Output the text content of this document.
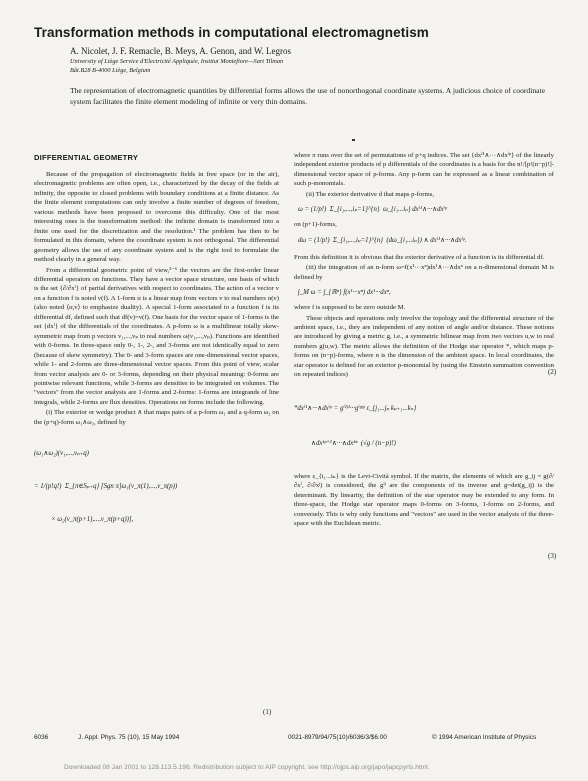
Transformation methods in computational electromagnetism
A. Nicolet, J. F. Remacle, B. Meys, A. Genon, and W. Legros
University of Liège Service d'Electricité Appliquée, Institut Montefiore—Sart Tilman
Bât.B28 B-4000 Liège, Belgium
The representation of electromagnetic quantities by differential forms allows the use of nonorthogonal coordinate systems. A judicious choice of coordinate system facilitates the finite element modeling of infinite or very thin domains.
DIFFERENTIAL GEOMETRY

Because of the propagation of electromagnetic fields in free space (or in the air), electromagnetic problems are often open, i.e., characterized by the decay of the fields at infinity, the opposite to closed problems with boundary conditions at a finite distance. As the finite element computations can only involve a finite number of degrees of freedom, various methods have been proposed to overcome this difficulty. One of the most interesting ones is the transformation method: the infinite domain is transformed into a finite one used for the discretization and the resolution.¹ The problem has then to be formulated in this domain, where the coordinate system is not orthogonal. The differential geometry allows the use of any coordinate system and is the right tool to formulate the method clearly in a general way.

From a differential geometric point of view,²⁻⁶ the vectors are the first-order linear differential operators on functions. They have a vector space structure, one basis of which is the set {∂/∂xⁱ} of partial derivatives with respect to coordinates. The action of a vector v on a function f is noted v(f). A 1-form α is a linear map from vectors v to real numbers α(v) (also noted ⟨α,v⟩ to emphasize duality). A special 1-form associated to a function f is its differential df, defined such that df(v)=v(f). One basis for the vector space of 1-forms is the set {dxⁱ} of the differentials of the coordinates. A p-form ω is a multilinear totally skew-symmetric map from p vectors v₁,...,vₚ to real numbers ω(v₁,...,vₚ). Functions are identified with 0-forms. In three-space only 0-, 1-, 2-, and 3-forms are not identically equal to zero (because of skew symmetry). The 0- and 3-form spaces are one-dimensional vector spaces, while 1- and 2-forms are three-dimensional vector spaces. From this point of view, scalar from vector analysis are 0- or 3-forms, depending on their physical meaning: 0-forms are pointwise relevant functions, while 3-forms are densities to be integrated on volumes. The "vectors" from the vector analysis are 1-forms and 2-forms: 1-forms are integrands of line integrals, while 2-forms are flux densities. Operations on forms include the following.

(i) The exterior or wedge product ∧ that maps pairs of a p-form ω₁ and a q-form ω₂ on the (p+q)-form ω₁∧ω₂, defined by

(ω₁∧ω₂)(v₁,...,vₚ₊q)

= 1/(p!q!)  Σ_{π∈Sₚ₊q} [Sgn π]ω₁(v_π(1),...,v_π(p))

× ω₂(v_π(p+1),...,v_π(p+q))],

(1)

where π runs over the set of permutations of p+q indices. The set {dxⁱ¹∧···∧dxⁱᵖ} of the linearly independent exterior products of p differentials of the coordinates is a basis for the n!/[p!(n−p)!]-dimensional vector space of p-forms. Any p-form can be expressed as a linear combination of such p-monomials.

(ii) The exterior derivative d that maps p-forms,

ω = (1/p!)  Σ_{i₁,...,iₚ=1}^{n}  ω_{i₁...iₚ} dxⁱ¹∧···∧dxⁱᵖ

on (p+1)-forms,

dω = (1/p!)  Σ_{i₁,...,iₚ=1}^{n}  (dω_{i₁...iₚ}) ∧ dxⁱ¹∧···∧dxⁱᵖ.

From this definition it is obvious that the exterior derivative of a function is its differential df.

(iii) the integration of an n-form ω=f(x¹···xⁿ)dx¹∧···∧dxⁿ on a n-dimensional domain M is defined by

∫_M ω = ∫_{ℝⁿ} f(x¹···xⁿ) dx¹···dxⁿ,

where f is supposed to be zero outside M.

These objects and operations only involve the topology and the differential structure of the ambient space, i.e., they are independent of any notion of angle and/or distance. These notions are introduced by giving a metric g, i.e., a symmetric bilinear map from two vectors u,w to real numbers g(u,w). The metric allows the definition of the Hodge star operator *, which maps p-forms on (n−p)-forms, where n is the dimension of the ambient space. In local coordinates, the star operator is defined for an exterior p-monomial by (using the Einstein summation convention on repeated indices)

*dxⁱ¹∧···∧dxⁱᵖ = gⁱ¹ʲ¹···gⁱᵖʲᵖ ε_{j₁...jₚ kₚ₊₁...kₙ}

∧dxᵏᵖ⁺¹∧···∧dxᵏⁿ  (√g / (n−p)!)

where ε_{i₁...iₙ} is the Levi-Cività symbol. If the matrix, the elements of which are g_ij = g(∂/∂xⁱ, ∂/∂xʲ) is considered, the gⁱʲ are the components of its inverse and g=det(g_ij) is the determinant. By linearity, the definition of the star operator may be extended to any form. In three-space, the Hodge star operator maps 0-forms on 3-forms, 1-forms on 2-forms, and conversely. This is why only functions and "vectors" are used in the vector analysis of the three-space with the Euclidean metric.

(2)
(3)
6036	J. Appl. Phys. 75 (10), 15 May 1994	0021-8979/94/75(10)/6036/3/$6.00	© 1994 American Institute of Physics
Downloaded 08 Jan 2001 to 128.113.5.196. Redistribution subject to AIP copyright, see http://ojps.aip.org/japo/japcpyrts.html.
